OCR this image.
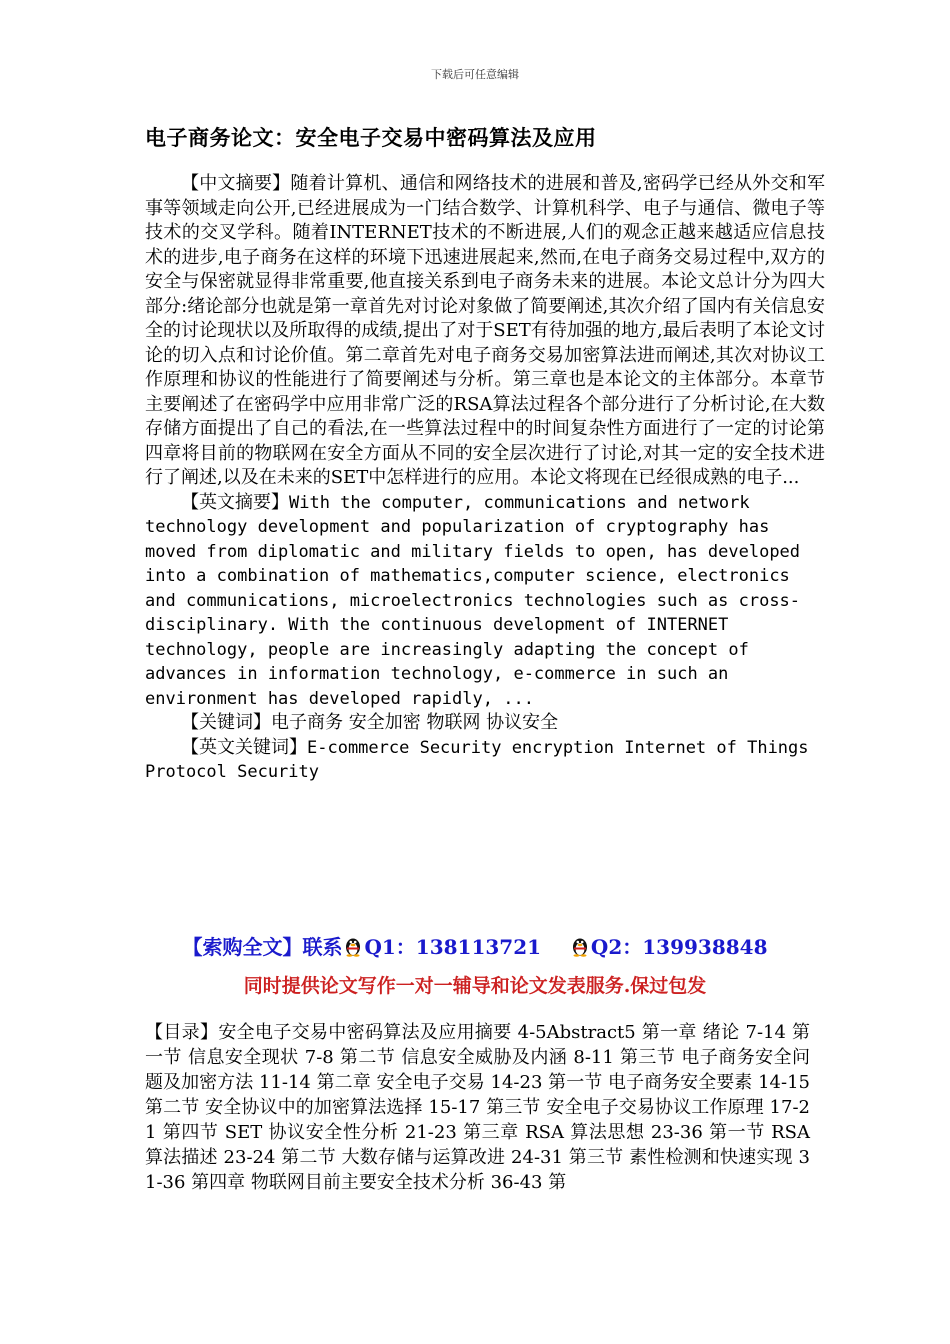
下载后可任意编辑
电子商务论文：安全电子交易中密码算法及应用

【中文摘要】随着计算机、通信和网络技术的进展和普及,密码学已经从外交和军事等领域走向公开,已经进展成为一门结合数学、计算机科学、电子与通信、微电子等技术的交叉学科。随着INTERNET技术的不断进展,人们的观念正越来越适应信息技术的进步,电子商务在这样的环境下迅速进展起来,然而,在电子商务交易过程中,双方的安全与保密就显得非常重要,他直接关系到电子商务未来的进展。本论文总计分为四大部分:绪论部分也就是第一章首先对讨论对象做了简要阐述,其次介绍了国内有关信息安全的讨论现状以及所取得的成绩,提出了对于SET有待加强的地方,最后表明了本论文讨论的切入点和讨论价值。第二章首先对电子商务交易加密算法进而阐述,其次对协议工作原理和协议的性能进行了简要阐述与分析。第三章也是本论文的主体部分。本章节主要阐述了在密码学中应用非常广泛的RSA算法过程各个部分进行了分析讨论,在大数存储方面提出了自己的看法,在一些算法过程中的时间复杂性方面进行了一定的讨论第四章将目前的物联网在安全方面从不同的安全层次进行了讨论,对其一定的安全技术进行了阐述,以及在未来的SET中怎样进行的应用。本论文将现在已经很成熟的电子...

【英文摘要】With the computer, communications and network technology development and popularization of cryptography has moved from diplomatic and military fields to open, has developed into a combination of mathematics,computer science, electronics and communications, microelectronics technologies such as cross-disciplinary. With the continuous development of INTERNET technology, people are increasingly adapting the concept of advances in information technology, e-commerce in such an environment has developed rapidly, ...

【关键词】电子商务 安全加密 物联网 协议安全

【英文关键词】E-commerce Security encryption Internet of Things Protocol Security

【索购全文】联系 Q1：138113721 Q2：139938848
同时提供论文写作一对一辅导和论文发表服务.保过包发

【目录】安全电子交易中密码算法及应用摘要 4-5Abstract5 第一章 绪论 7-14 第一节 信息安全现状 7-8 第二节 信息安全威胁及内涵 8-11 第三节 电子商务安全问题及加密方法 11-14 第二章 安全电子交易 14-23 第一节 电子商务安全要素 14-15 第二节 安全协议中的加密算法选择 15-17 第三节 安全电子交易协议工作原理 17-21 第四节 SET 协议安全性分析 21-23 第三章 RSA 算法思想 23-36 第一节 RSA 算法描述 23-24 第二节 大数存储与运算改进 24-31 第三节 素性检测和快速实现 31-36 第四章 物联网目前主要安全技术分析 36-43 第
